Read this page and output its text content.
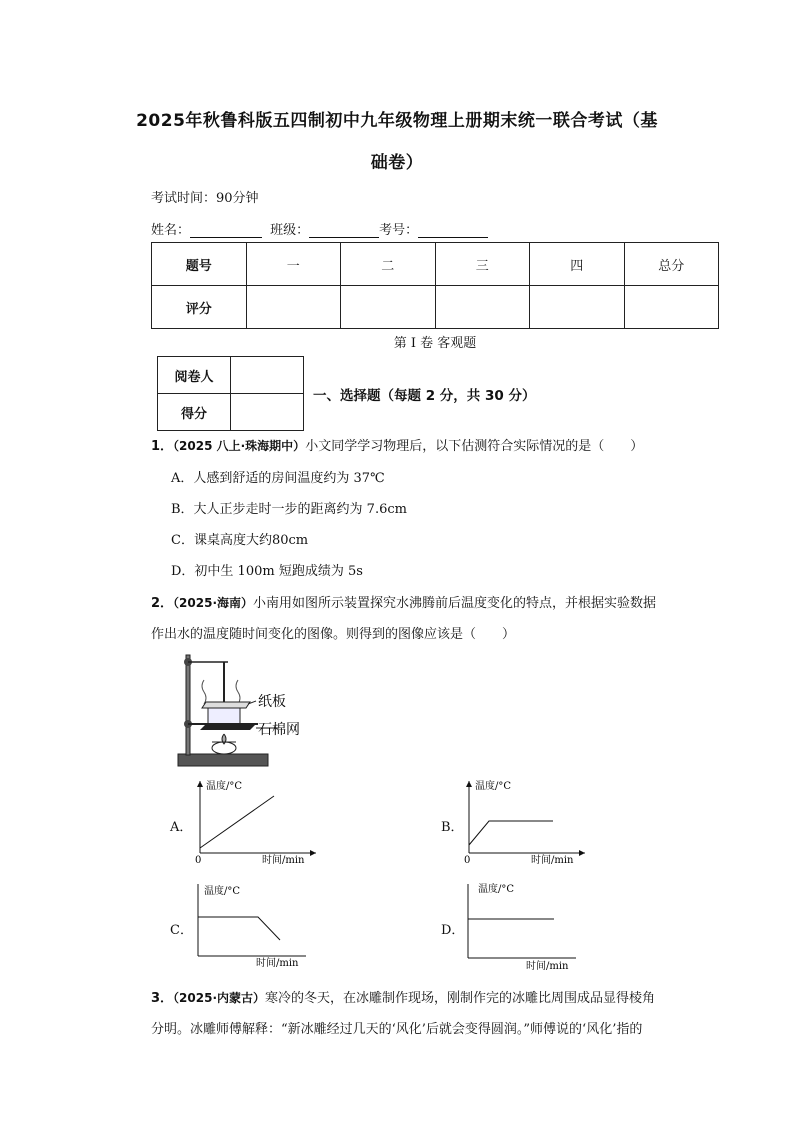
2025年秋鲁科版五四制初中九年级物理上册期末统一联合考试（基
础卷）
考试时间：90分钟
姓名：	班级：	考号：
题号	一	二	三	四	总分
评分					
第 I 卷 客观题
阅卷人	
得分	
一、选择题（每题 2 分，共 30 分）
1．（2025 八上·珠海期中）小文同学学习物理后，以下估测符合实际情况的是（　　）
A．人感到舒适的房间温度约为 37℃
B．大人正步走时一步的距离约为 7.6cm
C．课桌高度大约80cm
D．初中生 100m 短跑成绩为 5s
2．（2025·海南）小南用如图所示装置探究水沸腾前后温度变化的特点，并根据实验数据
作出水的温度随时间变化的图像。则得到的图像应该是（　　）
纸板
石棉网
A．	B．
C．	D．
温度/°C
时间/min
0
温度/°C
时间/min
0
温度/°C
时间/min
温度/°C
时间/min
3．（2025·内蒙古）寒冷的冬天，在冰雕制作现场，刚制作完的冰雕比周围成品显得棱角
分明。冰雕师傅解释：“新冰雕经过几天的‘风化’后就会变得圆润。”师傅说的‘风化’指的
